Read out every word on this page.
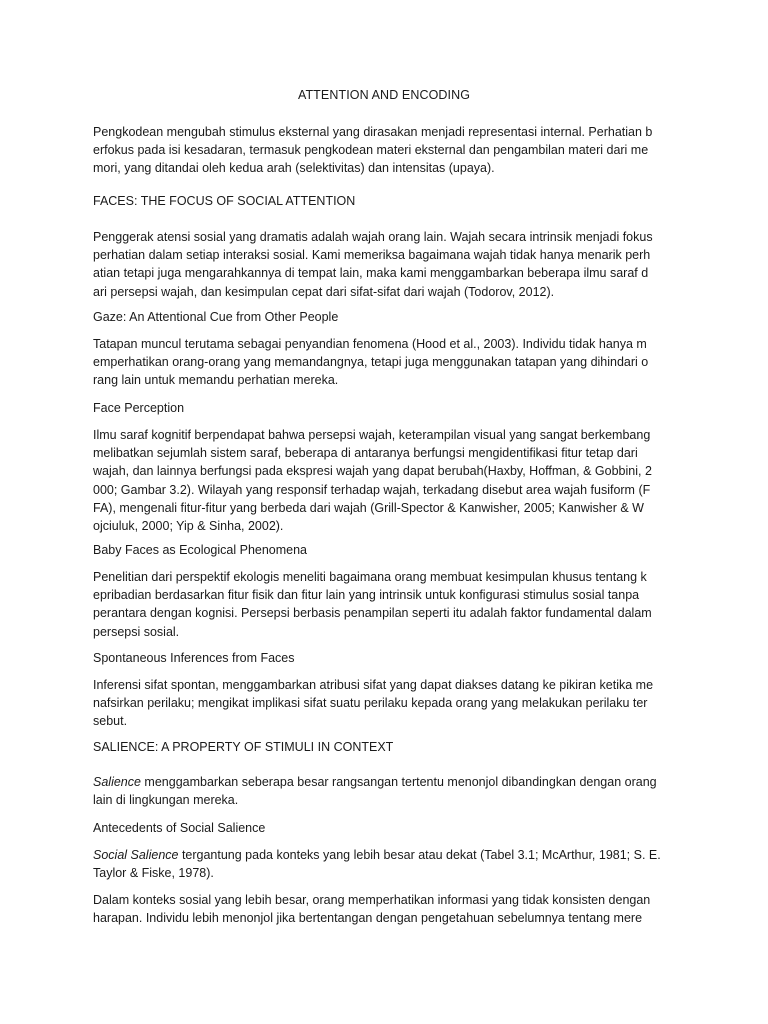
ATTENTION AND ENCODING
Pengkodean mengubah stimulus eksternal yang dirasakan menjadi representasi internal. Perhatian b
erfokus pada isi kesadaran, termasuk pengkodean materi eksternal dan pengambilan materi dari me
mori, yang ditandai oleh kedua arah (selektivitas) dan intensitas (upaya).
FACES: THE FOCUS OF SOCIAL ATTENTION
Penggerak atensi sosial yang dramatis adalah wajah orang lain. Wajah secara intrinsik menjadi fokus
perhatian dalam setiap interaksi sosial. Kami memeriksa bagaimana wajah tidak hanya menarik perh
atian tetapi juga mengarahkannya di tempat lain, maka kami menggambarkan beberapa ilmu saraf d
ari persepsi wajah, dan kesimpulan cepat dari sifat-sifat dari wajah (Todorov, 2012).
Gaze: An Attentional Cue from Other People
Tatapan muncul terutama sebagai penyandian fenomena (Hood et al., 2003). Individu tidak hanya m
emperhatikan orang-orang yang memandangnya, tetapi juga menggunakan tatapan yang dihindari o
rang lain untuk memandu perhatian mereka.
Face Perception
Ilmu saraf kognitif berpendapat bahwa persepsi wajah, keterampilan visual yang sangat berkembang
melibatkan sejumlah sistem saraf, beberapa di antaranya berfungsi mengidentifikasi fitur tetap dari
wajah, dan lainnya berfungsi pada ekspresi wajah yang dapat berubah(Haxby, Hoffman, & Gobbini, 2
000; Gambar 3.2). Wilayah yang responsif terhadap wajah, terkadang disebut area wajah fusiform (F
FA), mengenali fitur-fitur yang berbeda dari wajah (Grill-Spector & Kanwisher, 2005; Kanwisher & W
ojciuluk, 2000; Yip & Sinha, 2002).
Baby Faces as Ecological Phenomena
Penelitian dari perspektif ekologis meneliti bagaimana orang membuat kesimpulan khusus tentang k
epribadian berdasarkan fitur fisik dan fitur lain yang intrinsik untuk konfigurasi stimulus sosial tanpa
perantara dengan kognisi. Persepsi berbasis penampilan seperti itu adalah faktor fundamental dalam
persepsi sosial.
Spontaneous Inferences from Faces
Inferensi sifat spontan, menggambarkan atribusi sifat yang dapat diakses datang ke pikiran ketika me
nafsirkan perilaku; mengikat implikasi sifat suatu perilaku kepada orang yang melakukan perilaku ter
sebut.
SALIENCE: A PROPERTY OF STIMULI IN CONTEXT
Salience menggambarkan seberapa besar rangsangan tertentu menonjol dibandingkan dengan orang
lain di lingkungan mereka.
Antecedents of Social Salience
Social Salience tergantung pada konteks yang lebih besar atau dekat (Tabel 3.1; McArthur, 1981; S. E.
Taylor & Fiske, 1978).
Dalam konteks sosial yang lebih besar, orang memperhatikan informasi yang tidak konsisten dengan
harapan. Individu lebih menonjol jika bertentangan dengan pengetahuan sebelumnya tentang mere
